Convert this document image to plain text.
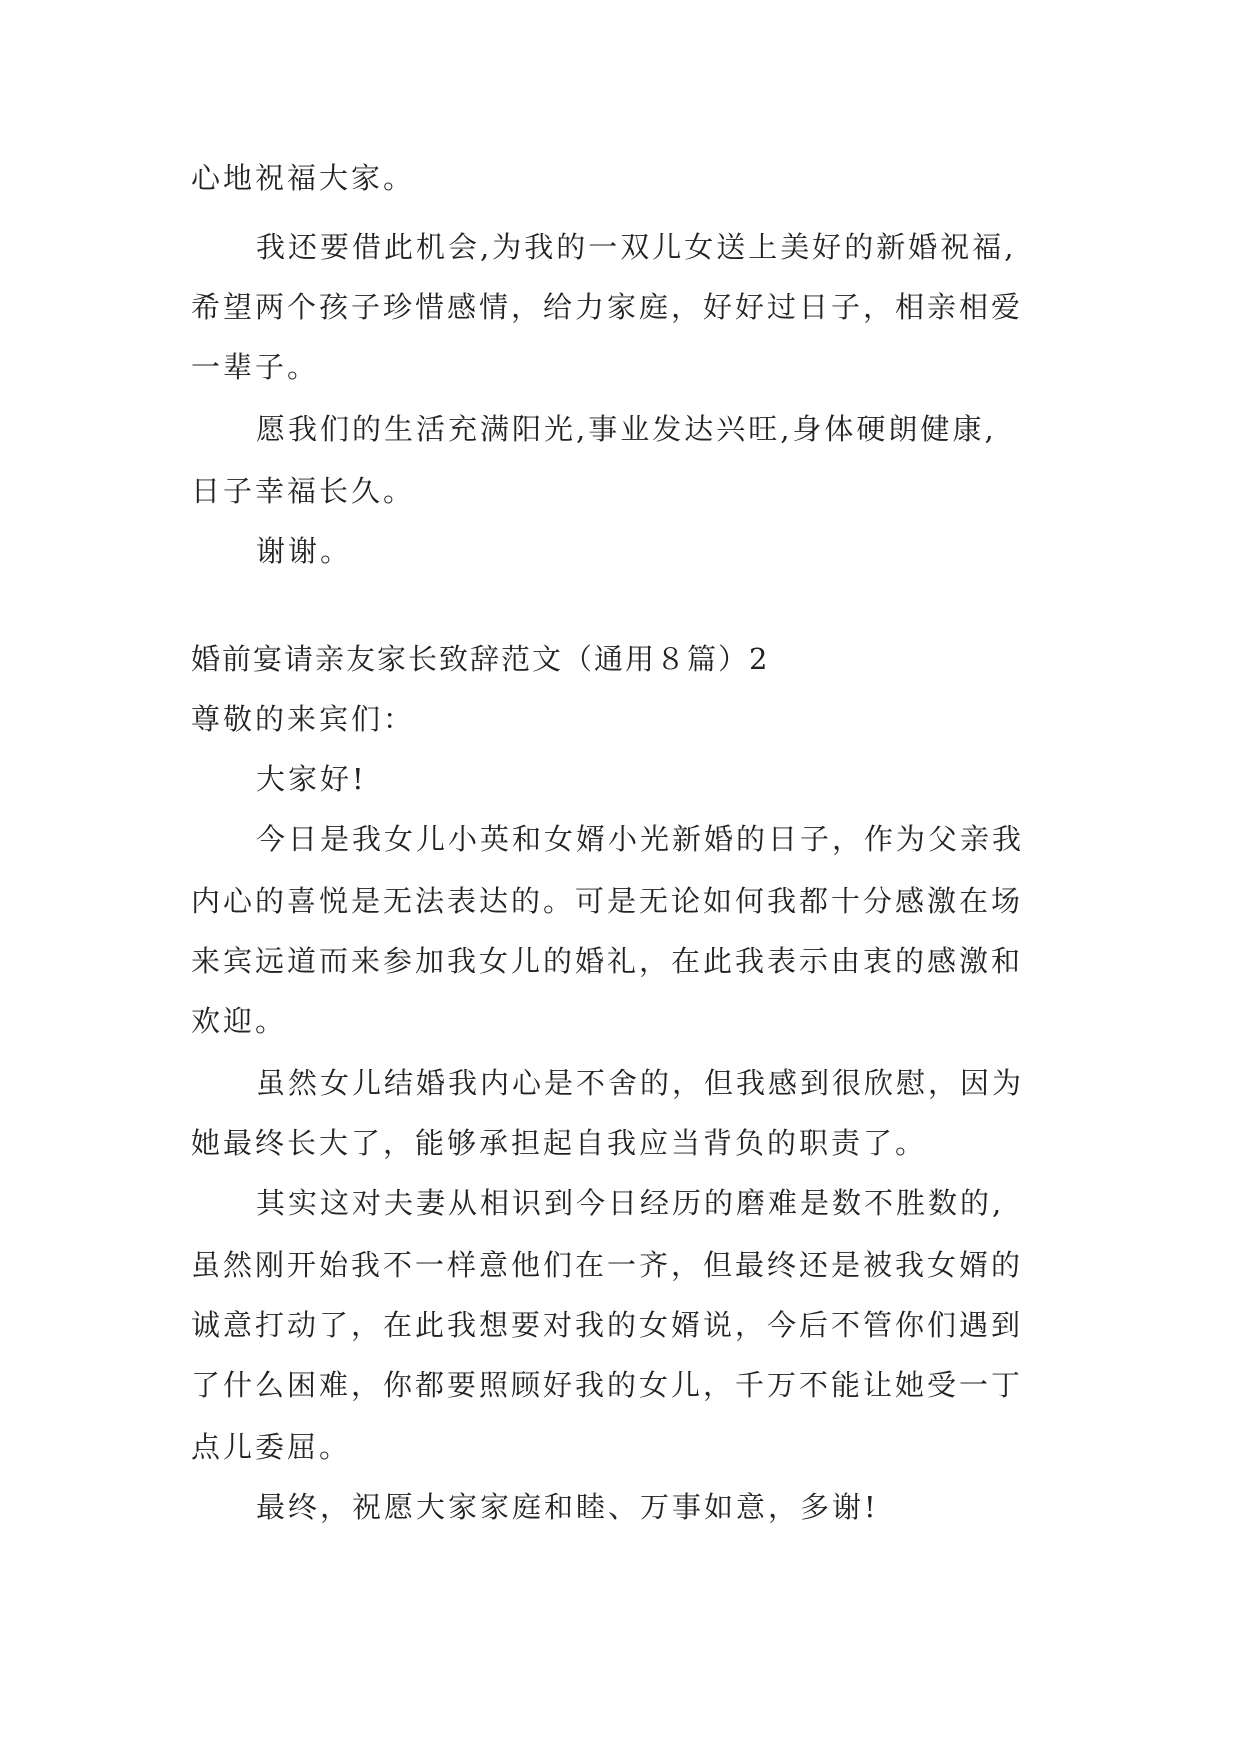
心地祝福大家。
我还要借此机会,为我的一双儿女送上美好的新婚祝福,
希望两个孩子珍惜感情，给力家庭，好好过日子，相亲相爱
一辈子。
愿我们的生活充满阳光,事业发达兴旺,身体硬朗健康,
日子幸福长久。
谢谢。
婚前宴请亲友家长致辞范文（通用８篇）2
尊敬的来宾们：
大家好!
今日是我女儿小英和女婿小光新婚的日子，作为父亲我
内心的喜悦是无法表达的。可是无论如何我都十分感激在场
来宾远道而来参加我女儿的婚礼，在此我表示由衷的感激和
欢迎。
虽然女儿结婚我内心是不舍的，但我感到很欣慰，因为
她最终长大了，能够承担起自我应当背负的职责了。
其实这对夫妻从相识到今日经历的磨难是数不胜数的,
虽然刚开始我不一样意他们在一齐，但最终还是被我女婿的
诚意打动了，在此我想要对我的女婿说，今后不管你们遇到
了什么困难，你都要照顾好我的女儿，千万不能让她受一丁
点儿委屈。
最终，祝愿大家家庭和睦、万事如意，多谢!
